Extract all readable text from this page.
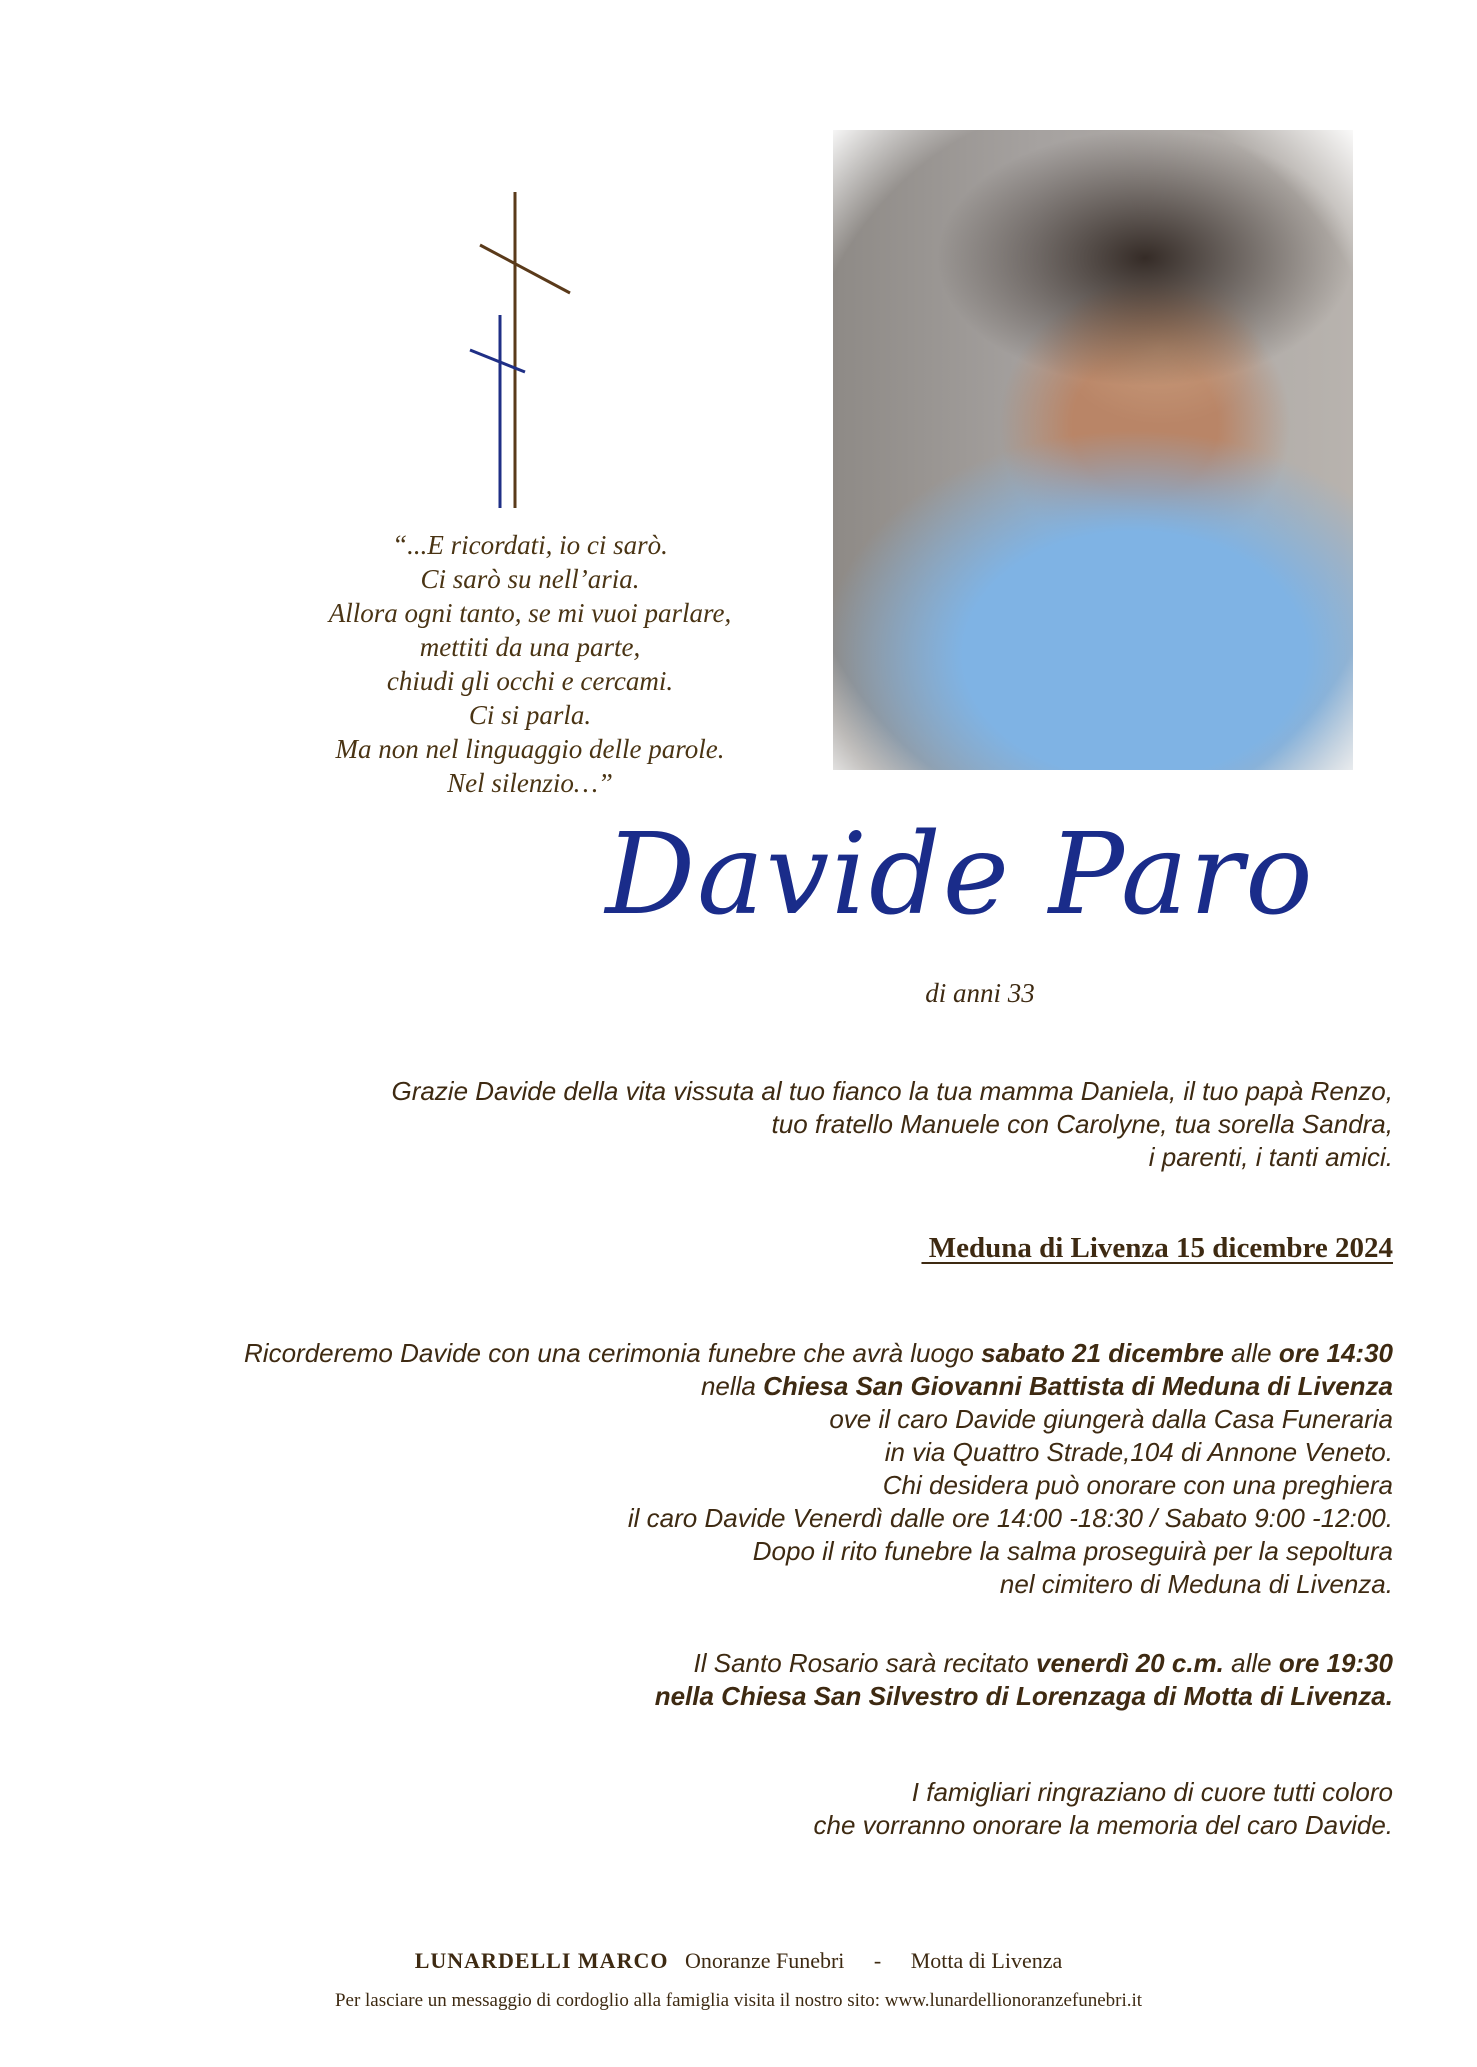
“...E ricordati, io ci sarò.
Ci sarò su nell’aria.
Allora ogni tanto, se mi vuoi parlare,
mettiti da una parte,
chiudi gli occhi e cercami.
Ci si parla.
Ma non nel linguaggio delle parole.
Nel silenzio…”
Davide Paro
di anni 33
Grazie Davide della vita vissuta al tuo fianco la tua mamma Daniela, il tuo papà Renzo,
tuo fratello Manuele con Carolyne, tua sorella Sandra,
i parenti, i tanti amici.
Meduna di Livenza 15 dicembre 2024
Ricorderemo Davide con una cerimonia funebre che avrà luogo sabato 21 dicembre alle ore 14:30
nella Chiesa San Giovanni Battista di Meduna di Livenza
ove il caro Davide giungerà dalla Casa Funeraria
in via Quattro Strade,104 di Annone Veneto.
Chi desidera può onorare con una preghiera
il caro Davide Venerdì dalle ore 14:00 -18:30 / Sabato 9:00 -12:00.
Dopo il rito funebre la salma proseguirà per la sepoltura
nel cimitero di Meduna di Livenza.
Il Santo Rosario sarà recitato venerdì 20 c.m. alle ore 19:30
nella Chiesa San Silvestro di Lorenzaga di Motta di Livenza.
I famigliari ringraziano di cuore tutti coloro
che vorranno onorare la memoria del caro Davide.
LUNARDELLI MARCO Onoranze Funebri - Motta di Livenza
Per lasciare un messaggio di cordoglio alla famiglia visita il nostro sito: www.lunardellionoranzefunebri.it
